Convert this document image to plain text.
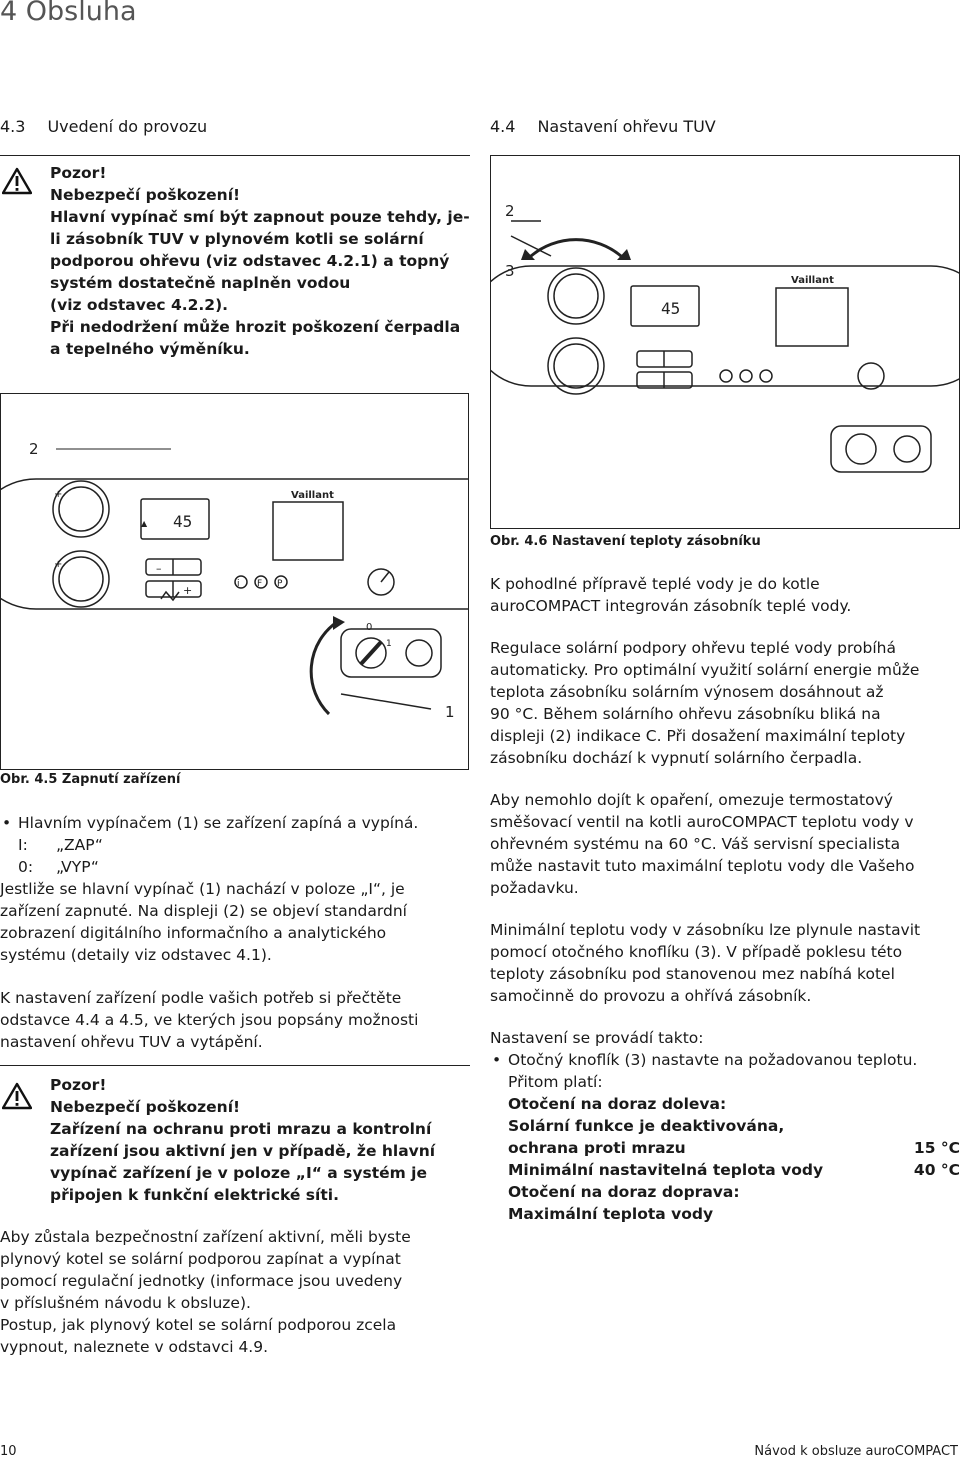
4 Obsluha
4.3 Uvedení do provozu
Pozor!
Nebezpečí poškození!
Hlavní vypínač smí být zapnout pouze tehdy, je-
li zásobník TUV v plynovém kotli se solární
podporou ohřevu (viz odstavec 4.2.1) a topný
systém dostatečně naplněn vodou
(viz odstavec 4.2.2).
Při nedodržení může hrozit poškození čerpadla
a tepelného výměníku.
▲ 45
Vaillant
+
+
i F P
–
+
0
1
2
1
Obr. 4.5 Zapnutí zařízení
• Hlavním vypínačem (1) se zařízení zapíná a vypíná.
I:	„ZAP“
0:	„VYP“
Jestliže se hlavní vypínač (1) nachází v poloze „I“, je
zařízení zapnuté. Na displeji (2) se objeví standardní
zobrazení digitálního informačního a analytického
systému (detaily viz odstavec 4.1).
K nastavení zařízení podle vašich potřeb si přečtěte
odstavce 4.4 a 4.5, ve kterých jsou popsány možnosti
nastavení ohřevu TUV a vytápění.
Pozor!
Nebezpečí poškození!
Zařízení na ochranu proti mrazu a kontrolní
zařízení jsou aktivní jen v případě, že hlavní
vypínač zařízení je v poloze „I“ a systém je
připojen k funkční elektrické síti.
Aby zůstala bezpečnostní zařízení aktivní, měli byste
plynový kotel se solární podporou zapínat a vypínat
pomocí regulační jednotky (informace jsou uvedeny
v příslušném návodu k obsluze).
Postup, jak plynový kotel se solární podporou zcela
vypnout, naleznete v odstavci 4.9.
4.4 Nastavení ohřevu TUV
45
Vaillant
2
3
Obr. 4.6 Nastavení teploty zásobníku
K pohodlné přípravě teplé vody je do kotle
auroCOMPACT integrován zásobník teplé vody.
Regulace solární podpory ohřevu teplé vody probíhá
automaticky. Pro optimální využití solární energie může
teplota zásobníku solárním výnosem dosáhnout až
90 °C. Během solárního ohřevu zásobníku bliká na
displeji (2) indikace C. Při dosažení maximální teploty
zásobníku dochází k vypnutí solárního čerpadla.
Aby nemohlo dojít k opaření, omezuje termostatový
směšovací ventil na kotli auroCOMPACT teplotu vody v
ohřevném systému na 60 °C. Váš servisní specialista
může nastavit tuto maximální teplotu vody dle Vašeho
požadavku.
Minimální teplotu vody v zásobníku lze plynule nastavit
pomocí otočného knoflíku (3). V případě poklesu této
teploty zásobníku pod stanovenou mez nabíhá kotel
samočinně do provozu a ohřívá zásobník.
Nastavení se provádí takto:
• Otočný knoflík (3) nastavte na požadovanou teplotu.
Přitom platí:
Otočení na doraz doleva:
Solární funkce je deaktivována,
ochrana proti mrazu	15 °C
Minimální nastavitelná teplota vody	40 °C
Otočení na doraz doprava:
Maximální teplota vody
10	Návod k obsluze auroCOMPACT
